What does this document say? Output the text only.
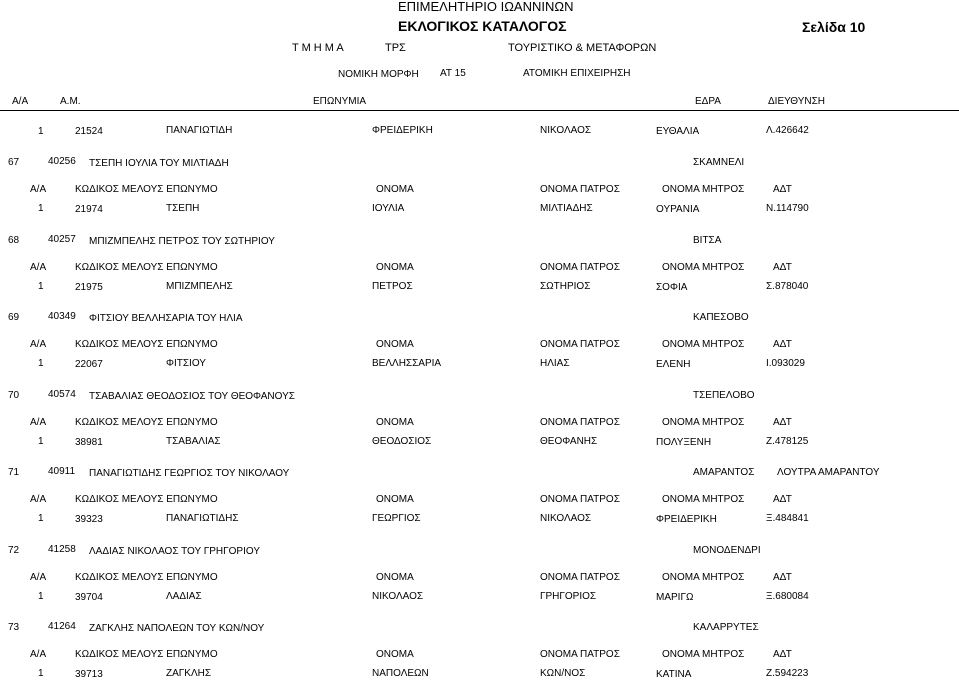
ΕΠΙΜΕΛΗΤΗΡΙΟ ΙΩΑΝΝΙΝΩΝ
ΕΚΛΟΓΙΚΟΣ ΚΑΤΑΛΟΓΟΣ	Σελίδα 10
Τ Μ Η Μ Α	ΤΡΣ	ΤΟΥΡΙΣΤΙΚΟ & ΜΕΤΑΦΟΡΩΝ
ΝΟΜΙΚΗ ΜΟΡΦΗ ΑΤ 15	ΑΤΟΜΙΚΗ ΕΠΙΧΕΙΡΗΣΗ
Α/Α	Α.Μ.	ΕΠΩΝΥΜΙΑ	ΕΔΡΑ	ΔΙΕΥΘΥΝΣΗ
1	21524	ΠΑΝΑΓΙΩΤΙΔΗ	ΦΡΕΙΔΕΡΙΚΗ	ΝΙΚΟΛΑΟΣ	ΕΥΘΑΛΙΑ	Λ.426642
67	40256 ΤΣΕΠΗ ΙΟΥΛΙΑ ΤΟΥ ΜΙΛΤΙΑΔΗ	ΣΚΑΜΝΕΛΙ
Α/Α	ΚΩΔΙΚΟΣ ΜΕΛΟΥΣ ΕΠΩΝΥΜΟ	ΟΝΟΜΑ	ΟΝΟΜΑ ΠΑΤΡΟΣ	ΟΝΟΜΑ ΜΗΤΡΟΣ	ΑΔΤ
1	21974	ΤΣΕΠΗ	ΙΟΥΛΙΑ	ΜΙΛΤΙΑΔΗΣ	ΟΥΡΑΝΙΑ	Ν.114790
68	40257 ΜΠΙΖΜΠΕΛΗΣ ΠΕΤΡΟΣ ΤΟΥ ΣΩΤΗΡΙΟΥ	ΒΙΤΣΑ
Α/Α	ΚΩΔΙΚΟΣ ΜΕΛΟΥΣ ΕΠΩΝΥΜΟ	ΟΝΟΜΑ	ΟΝΟΜΑ ΠΑΤΡΟΣ	ΟΝΟΜΑ ΜΗΤΡΟΣ	ΑΔΤ
1	21975	ΜΠΙΖΜΠΕΛΗΣ	ΠΕΤΡΟΣ	ΣΩΤΗΡΙΟΣ	ΣΟΦΙΑ	Σ.878040
69	40349 ΦΙΤΣΙΟΥ ΒΕΛΛΗΣΑΡΙΑ ΤΟΥ ΗΛΙΑ	ΚΑΠΕΣΟΒΟ
Α/Α	ΚΩΔΙΚΟΣ ΜΕΛΟΥΣ ΕΠΩΝΥΜΟ	ΟΝΟΜΑ	ΟΝΟΜΑ ΠΑΤΡΟΣ	ΟΝΟΜΑ ΜΗΤΡΟΣ	ΑΔΤ
1	22067	ΦΙΤΣΙΟΥ	ΒΕΛΛΗΣΣΑΡΙΑ	ΗΛΙΑΣ	ΕΛΕΝΗ	Ι.093029
70	40574 ΤΣΑΒΑΛΙΑΣ ΘΕΟΔΟΣΙΟΣ ΤΟΥ ΘΕΟΦΑΝΟΥΣ	ΤΣΕΠΕΛΟΒΟ
Α/Α	ΚΩΔΙΚΟΣ ΜΕΛΟΥΣ ΕΠΩΝΥΜΟ	ΟΝΟΜΑ	ΟΝΟΜΑ ΠΑΤΡΟΣ	ΟΝΟΜΑ ΜΗΤΡΟΣ	ΑΔΤ
1	38981	ΤΣΑΒΑΛΙΑΣ	ΘΕΟΔΟΣΙΟΣ	ΘΕΟΦΑΝΗΣ	ΠΟΛΥΞΕΝΗ	Ζ.478125
71	40911 ΠΑΝΑΓΙΩΤΙΔΗΣ ΓΕΩΡΓΙΟΣ ΤΟΥ ΝΙΚΟΛΑΟΥ	ΑΜΑΡΑΝΤΟΣ ΛΟΥΤΡΑ ΑΜΑΡΑΝΤΟΥ
Α/Α	ΚΩΔΙΚΟΣ ΜΕΛΟΥΣ ΕΠΩΝΥΜΟ	ΟΝΟΜΑ	ΟΝΟΜΑ ΠΑΤΡΟΣ	ΟΝΟΜΑ ΜΗΤΡΟΣ	ΑΔΤ
1	39323	ΠΑΝΑΓΙΩΤΙΔΗΣ	ΓΕΩΡΓΙΟΣ	ΝΙΚΟΛΑΟΣ	ΦΡΕΙΔΕΡΙΚΗ	Ξ.484841
72	41258 ΛΑΔΙΑΣ ΝΙΚΟΛΑΟΣ ΤΟΥ ΓΡΗΓΟΡΙΟΥ	ΜΟΝΟΔΕΝΔΡΙ
Α/Α	ΚΩΔΙΚΟΣ ΜΕΛΟΥΣ ΕΠΩΝΥΜΟ	ΟΝΟΜΑ	ΟΝΟΜΑ ΠΑΤΡΟΣ	ΟΝΟΜΑ ΜΗΤΡΟΣ	ΑΔΤ
1	39704	ΛΑΔΙΑΣ	ΝΙΚΟΛΑΟΣ	ΓΡΗΓΟΡΙΟΣ	ΜΑΡΙΓΩ	Ξ.680084
73	41264 ΖΑΓΚΛΗΣ ΝΑΠΟΛΕΩΝ ΤΟΥ ΚΩΝ/ΝΟΥ	ΚΑΛΑΡΡΥΤΕΣ
Α/Α	ΚΩΔΙΚΟΣ ΜΕΛΟΥΣ ΕΠΩΝΥΜΟ	ΟΝΟΜΑ	ΟΝΟΜΑ ΠΑΤΡΟΣ	ΟΝΟΜΑ ΜΗΤΡΟΣ	ΑΔΤ
1	39713	ΖΑΓΚΛΗΣ	ΝΑΠΟΛΕΩΝ	ΚΩΝ/ΝΟΣ	ΚΑΤΙΝΑ	Ζ.594223
